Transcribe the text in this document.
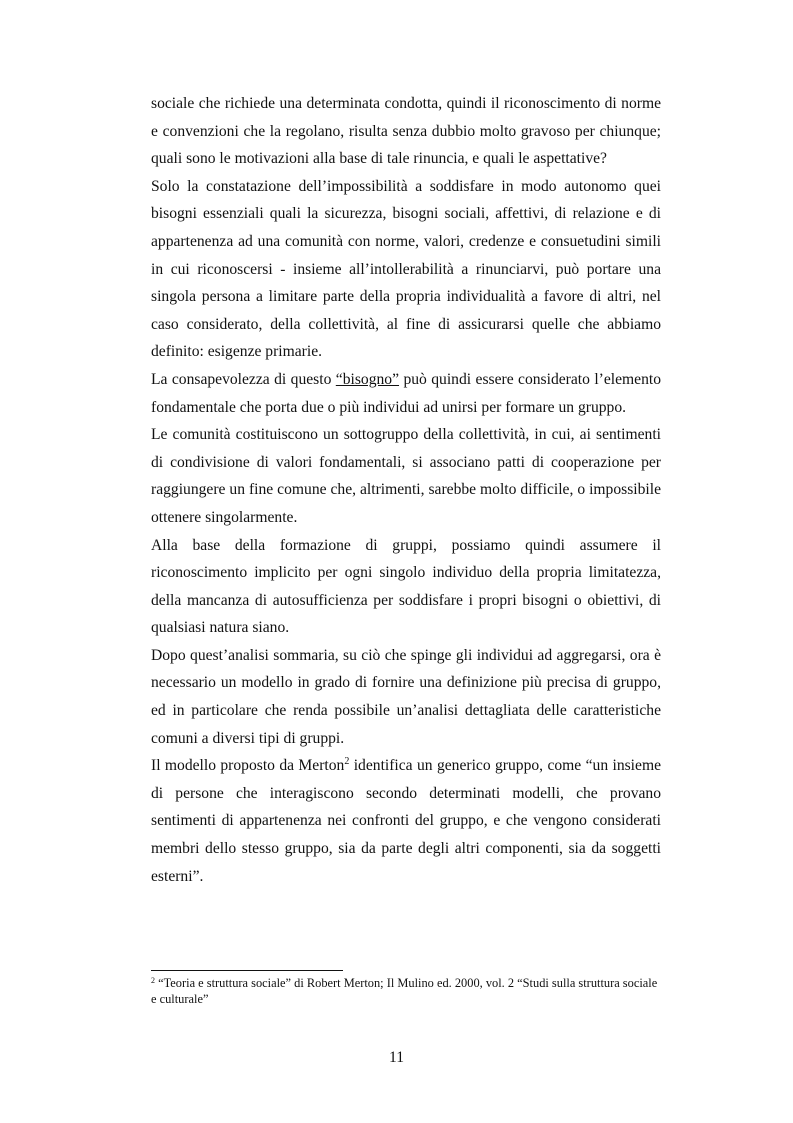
sociale che richiede una determinata condotta, quindi il riconoscimento di norme e convenzioni che la regolano, risulta senza dubbio molto gravoso per chiunque; quali sono le motivazioni alla base di tale rinuncia, e quali le aspettative?

Solo la constatazione dell’impossibilità a soddisfare in modo autonomo quei bisogni essenziali quali la sicurezza, bisogni sociali, affettivi, di relazione e di appartenenza ad una comunità con norme, valori, credenze e consuetudini simili in cui riconoscersi - insieme all’intollerabilità a rinunciarvi, può portare una singola persona a limitare parte della propria individualità a favore di altri, nel caso considerato, della collettività, al fine di assicurarsi quelle che abbiamo definito: esigenze primarie.

La consapevolezza di questo “bisogno” può quindi essere considerato l’elemento fondamentale che porta due o più individui ad unirsi per formare un gruppo.

Le comunità costituiscono un sottogruppo della collettività, in cui, ai sentimenti di condivisione di valori fondamentali, si associano patti di cooperazione per raggiungere un fine comune che, altrimenti, sarebbe molto difficile, o impossibile ottenere singolarmente.

Alla base della formazione di gruppi, possiamo quindi assumere il riconoscimento implicito per ogni singolo individuo della propria limitatezza, della mancanza di autosufficienza per soddisfare i propri bisogni o obiettivi, di qualsiasi natura siano.

Dopo quest’analisi sommaria, su ciò che spinge gli individui ad aggregarsi, ora è necessario un modello in grado di fornire una definizione più precisa di gruppo, ed in particolare che renda possibile un’analisi dettagliata delle caratteristiche comuni a diversi tipi di gruppi.

Il modello proposto da Merton$^2$ identifica un generico gruppo, come “un insieme di persone che interagiscono secondo determinati modelli, che provano sentimenti di appartenenza nei confronti del gruppo, e che vengono considerati membri dello stesso gruppo, sia da parte degli altri componenti, sia da soggetti esterni”.

$^2$ “Teoria e struttura sociale” di Robert Merton; Il Mulino ed. 2000, vol. 2 “Studi sulla struttura sociale e culturale”

11
